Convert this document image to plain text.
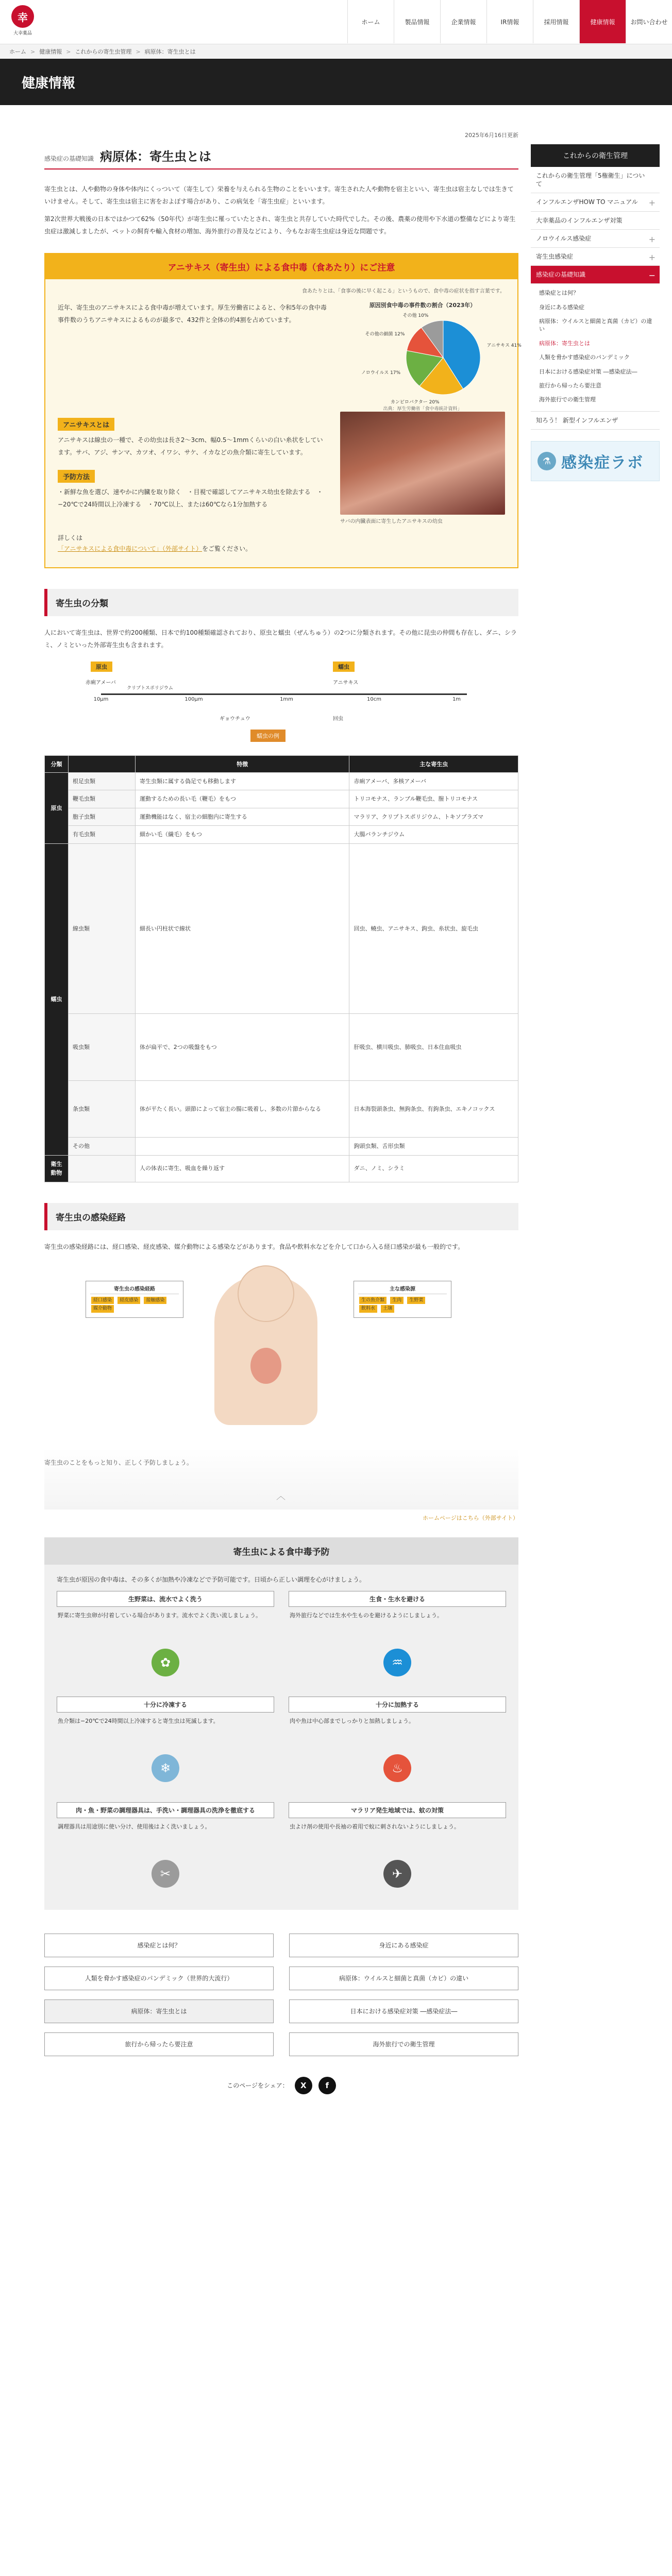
幸
大幸薬品
ホーム	製品情報	企業情報	IR情報	採用情報	健康情報	お問い合わせ
ホーム > 健康情報 > これからの寄生虫管理 > 病原体：寄生虫とは
健康情報
2025年6月16日更新
感染症の基礎知識 病原体：寄生虫とは

寄生虫とは、人や動物の身体や体内にくっついて（寄生して）栄養を与えられる生物のことをいいます。寄生された人や動物を宿主といい、寄生虫は宿主なしでは生きていけません。そして、寄生虫は宿主に害をおよぼす場合があり、この病気を「寄生虫症」といいます。

第2次世界大戦後の日本ではかつて62%（50年代）が寄生虫に罹っていたとされ、寄生虫と共存していた時代でした。その後、農薬の使用や下水道の整備などにより寄生虫症は激減しましたが、ペットの飼育や輸入食材の増加、海外旅行の普及などにより、今もなお寄生虫症は身近な問題です。

アニサキス（寄生虫）による食中毒（食あたり）にご注意
食あたりとは、「食事の後に早く起こる」というもので、食中毒の症状を指す言葉です。

近年、寄生虫のアニサキスによる食中毒が増えています。厚生労働省によると、令和5年の食中毒事件数のうちアニサキスによるものが最多で、432件と全体の約4割を占めています。

原因別食中毒の事件数の割合（2023年）
アニサキス 41%
カンピロバクター 20%
ノロウイルス 17%
その他の細菌 12%
その他 10%
出典：厚生労働省「食中毒統計資料」
アニサキスとは

アニサキスは線虫の一種で、その幼虫は長さ2〜3cm、幅0.5〜1mmくらいの白い糸状をしています。サバ、アジ、サンマ、カツオ、イワシ、サケ、イカなどの魚介類に寄生しています。

予防方法

・新鮮な魚を選び、速やかに内臓を取り除く　・目視で確認してアニサキス幼虫を除去する　・−20℃で24時間以上冷凍する　・70℃以上、または60℃なら1分加熱する

サバの内臓表面に寄生したアニサキスの幼虫
詳しくは
「アニサキスによる食中毒について」（外部サイト）をご覧ください。
寄生虫の分類

人において寄生虫は、世界で約200種類、日本で約100種類確認されており、原虫と蠕虫（ぜんちゅう）の2つに分類されます。その他に昆虫の仲間も存在し、ダニ、シラミ、ノミといった外部寄生虫も含まれます。

原虫	蠕虫
赤痢アメーバ
クリプトスポリジウム
ギョウチュウ
アニサキス
回虫
10μm	100μm	1mm	10cm	1m
蠕虫の例
分類		特徴	主な寄生虫
原虫	根足虫類	寄生虫類に属する偽足でも移動します	赤痢アメーバ、多核アメーバ
	鞭毛虫類	運動するための長い毛（鞭毛）をもつ	トリコモナス、ランブル鞭毛虫、膣トリコモナス
	胞子虫類	運動機能はなく、宿主の細胞内に寄生する	マラリア、クリプトスポリジウム、トキソプラズマ
	有毛虫類	細かい毛（繊毛）をもつ	大腸バランチジウム
蠕虫	線虫類	細長い円柱状で線状	回虫、蟯虫、アニサキス、鉤虫、糸状虫、旋毛虫
	吸虫類	体が扁平で、2つの吸盤をもつ	肝吸虫、横川吸虫、肺吸虫、日本住血吸虫
	条虫類	体が平たく長い。頭節によって宿主の腸に吸着し、多数の片節からなる	日本海裂頭条虫、無鉤条虫、有鉤条虫、エキノコックス
	その他		鉤頭虫類、舌形虫類
衛生動物		人の体表に寄生、吸血を繰り返す	ダニ、ノミ、シラミ
寄生虫の感染経路

寄生虫の感染経路には、経口感染、経皮感染、媒介動物による感染などがあります。食品や飲料水などを介して口から入る経口感染が最も一般的です。

寄生虫の感染経路
経口感染 経皮感染 接触感染 媒介動物
主な感染源
生の魚介類 生肉 生野菜 飲料水 土壌
寄生虫のことをもっと知り、正しく予防しましょう。
︿
ホームページはこちら（外部サイト）
寄生虫による食中毒予防
寄生虫が原因の食中毒は、その多くが加熱や冷凍などで予防可能です。日頃から正しい調理を心がけましょう。
生野菜は、流水でよく洗う
野菜に寄生虫卵が付着している場合があります。流水でよく洗い流しましょう。
✿
生食・生水を避ける
海外旅行などでは生水や生ものを避けるようにしましょう。
♒
十分に冷凍する
魚介類は−20℃で24時間以上冷凍すると寄生虫は死滅します。
❄
十分に加熱する
肉や魚は中心部までしっかりと加熱しましょう。
♨
肉・魚・野菜の調理器具は、手洗い・調理器具の洗浄を徹底する
調理器具は用途別に使い分け、使用後はよく洗いましょう。
✂
マラリア発生地域では、蚊の対策
虫よけ剤の使用や長袖の着用で蚊に刺されないようにしましょう。
✈
感染症とは何？	身近にある感染症
人類を脅かす感染症のパンデミック（世界的大流行）	病原体：ウイルスと細菌と真菌（カビ）の違い
病原体：寄生虫とは	日本における感染症対策 ―感染症法―
旅行から帰ったら要注意	海外旅行での衛生管理
このページをシェア：	X	f
これからの衛生管理
これからの衛生管理「5権衛生」について
インフルエンザHOW TO マニュアル +
大幸薬品のインフルエンザ対策
ノロウイルス感染症	+
寄生虫感染症	+
感染症の基礎知識	−
感染症とは何？
身近にある感染症
病原体：ウイルスと細菌と真菌（カビ）の違い
病原体：寄生虫とは
人類を脅かす感染症のパンデミック
日本における感染症対策 ―感染症法―
旅行から帰ったら要注意
海外旅行での衛生管理
知ろう！ 新型インフルエンザ
⚗ 感染症ラボ
